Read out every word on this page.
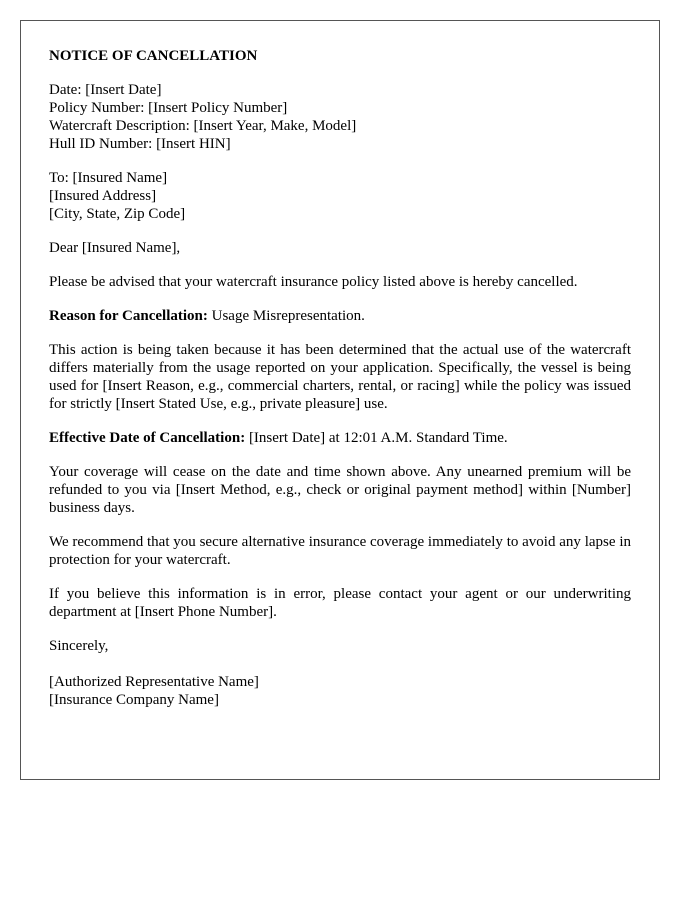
NOTICE OF CANCELLATION
Date: [Insert Date]
Policy Number: [Insert Policy Number]
Watercraft Description: [Insert Year, Make, Model]
Hull ID Number: [Insert HIN]
To: [Insured Name]
[Insured Address]
[City, State, Zip Code]

Dear [Insured Name],

Please be advised that your watercraft insurance policy listed above is hereby cancelled.

Reason for Cancellation: Usage Misrepresentation.

This action is being taken because it has been determined that the actual use of the watercraft differs materially from the usage reported on your application. Specifically, the vessel is being used for [Insert Reason, e.g., commercial charters, rental, or racing] while the policy was issued for strictly [Insert Stated Use, e.g., private pleasure] use.

Effective Date of Cancellation: [Insert Date] at 12:01 A.M. Standard Time.

Your coverage will cease on the date and time shown above. Any unearned premium will be refunded to you via [Insert Method, e.g., check or original payment method] within [Number] business days.

We recommend that you secure alternative insurance coverage immediately to avoid any lapse in protection for your watercraft.

If you believe this information is in error, please contact your agent or our underwriting department at [Insert Phone Number].

Sincerely,

[Authorized Representative Name]
[Insurance Company Name]
